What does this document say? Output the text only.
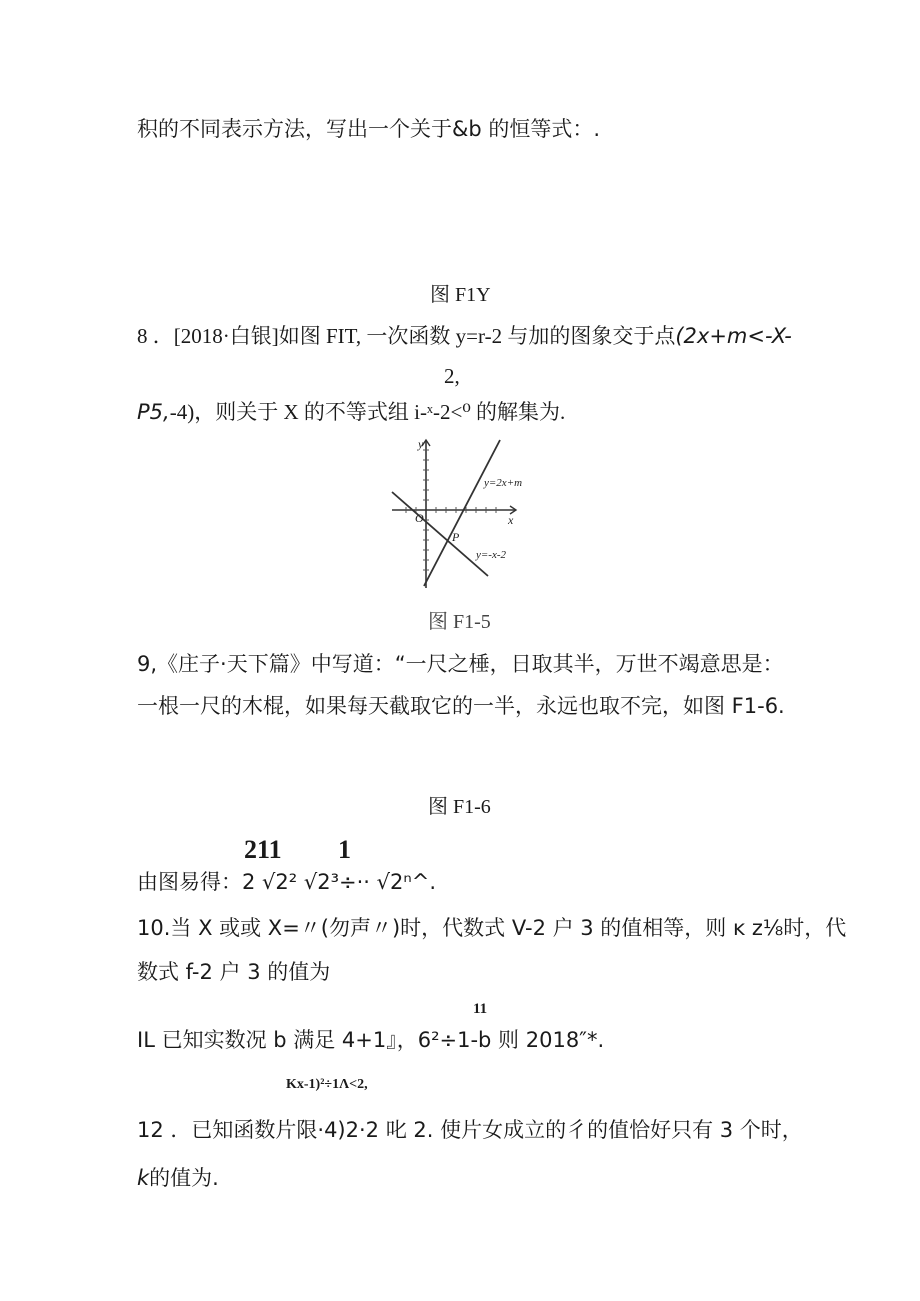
积的不同表示方法，写出一个关于&b 的恒等式：.
图 F1Y
8 ．[2018·白银]如图 FIT, 一次函数 y=r-2 与加的图象交于点(2x+m<-X-
2,
P5,-4)，则关于 X 的不等式组 i-ˣ-2<⁰ 的解集为.
y
x
O
P
y=2x+m
y=-x-2
图 F1-5
9,《庄子·天下篇》中写道：“一尺之棰，日取其半，万世不竭意思是：
一根一尺的木棍，如果每天截取它的一半，永远也取不完，如图 F1-6.
图 F1-6
211 1
由图易得：2 √2² √2³÷·· √2ⁿ^.
10.当 X 或或 X=〃(勿声〃)时，代数式 V-2 户 3 的值相等，则 ĸ z⅛时，代
数式 f-2 户 3 的值为
11
IL 已知实数况 b 满足 4+1』，6²÷1-b 则 2018″*.
Kx-1)²÷1Λ<2,
12 ．已知函数片限·4)2·2 叱 2. 使片女成立的彳的值恰好只有 3 个时，
k的值为.
